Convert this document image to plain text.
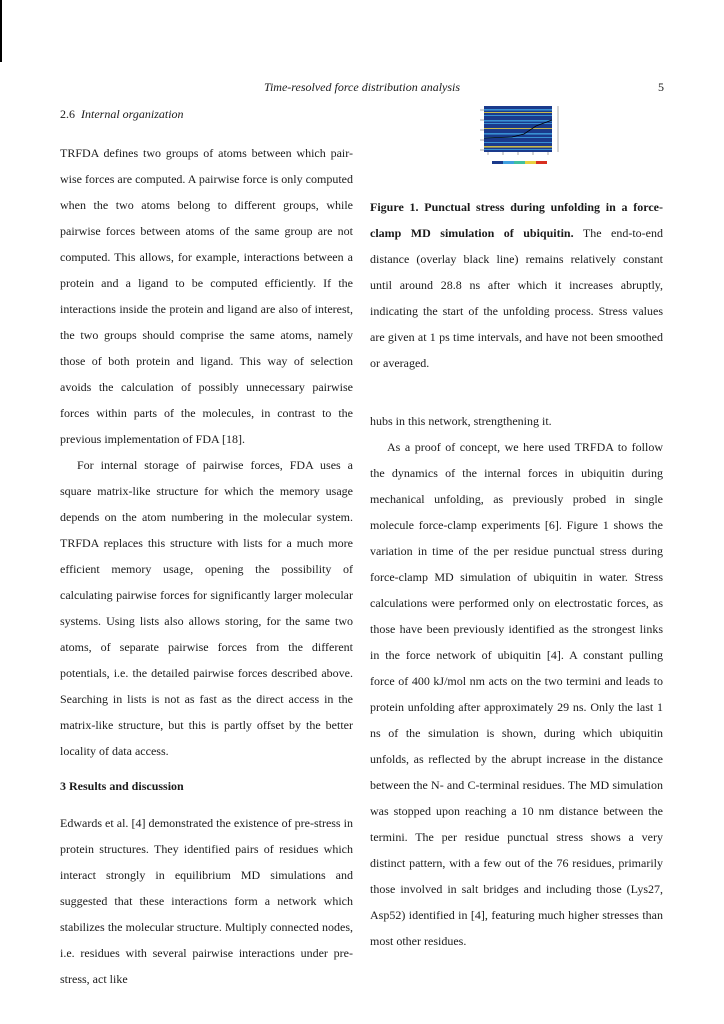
Time-resolved force distribution analysis	5
2.6 Internal organization

TRFDA defines two groups of atoms between which pair-wise forces are computed. A pairwise force is only computed when the two atoms belong to different groups, while pairwise forces between atoms of the same group are not computed. This allows, for example, interactions between a protein and a ligand to be computed efficiently. If the interactions inside the protein and ligand are also of interest, the two groups should comprise the same atoms, namely those of both protein and ligand. This way of selection avoids the calculation of possibly unnecessary pairwise forces within parts of the molecules, in contrast to the previous implementation of FDA [18].

For internal storage of pairwise forces, FDA uses a square matrix-like structure for which the memory usage depends on the atom numbering in the molecular system. TRFDA replaces this structure with lists for a much more efficient memory usage, opening the possibility of calculating pairwise forces for significantly larger molecular systems. Using lists also allows storing, for the same two atoms, of separate pairwise forces from the different potentials, i.e. the detailed pairwise forces described above. Searching in lists is not as fast as the direct access in the matrix-like structure, but this is partly offset by the better locality of data access.

3 Results and discussion

Edwards et al. [4] demonstrated the existence of pre-stress in protein structures. They identified pairs of residues which interact strongly in equilibrium MD simulations and suggested that these interactions form a network which stabilizes the molecular structure. Multiply connected nodes, i.e. residues with several pairwise interactions under pre-stress, act like

Figure 1. Punctual stress during unfolding in a force-clamp MD simulation of ubiquitin. The end-to-end distance (overlay black line) remains relatively constant until around 28.8 ns after which it increases abruptly, indicating the start of the unfolding process. Stress values are given at 1 ps time intervals, and have not been smoothed or averaged.

hubs in this network, strengthening it.

As a proof of concept, we here used TRFDA to follow the dynamics of the internal forces in ubiquitin during mechanical unfolding, as previously probed in single molecule force-clamp experiments [6]. Figure 1 shows the variation in time of the per residue punctual stress during force-clamp MD simulation of ubiquitin in water. Stress calculations were performed only on electrostatic forces, as those have been previously identified as the strongest links in the force network of ubiquitin [4]. A constant pulling force of 400 kJ/mol nm acts on the two termini and leads to protein unfolding after approximately 29 ns. Only the last 1 ns of the simulation is shown, during which ubiquitin unfolds, as reflected by the abrupt increase in the distance between the N- and C-terminal residues. The MD simulation was stopped upon reaching a 10 nm distance between the termini. The per residue punctual stress shows a very distinct pattern, with a few out of the 76 residues, primarily those involved in salt bridges and including those (Lys27, Asp52) identified in [4], featuring much higher stresses than most other residues.
